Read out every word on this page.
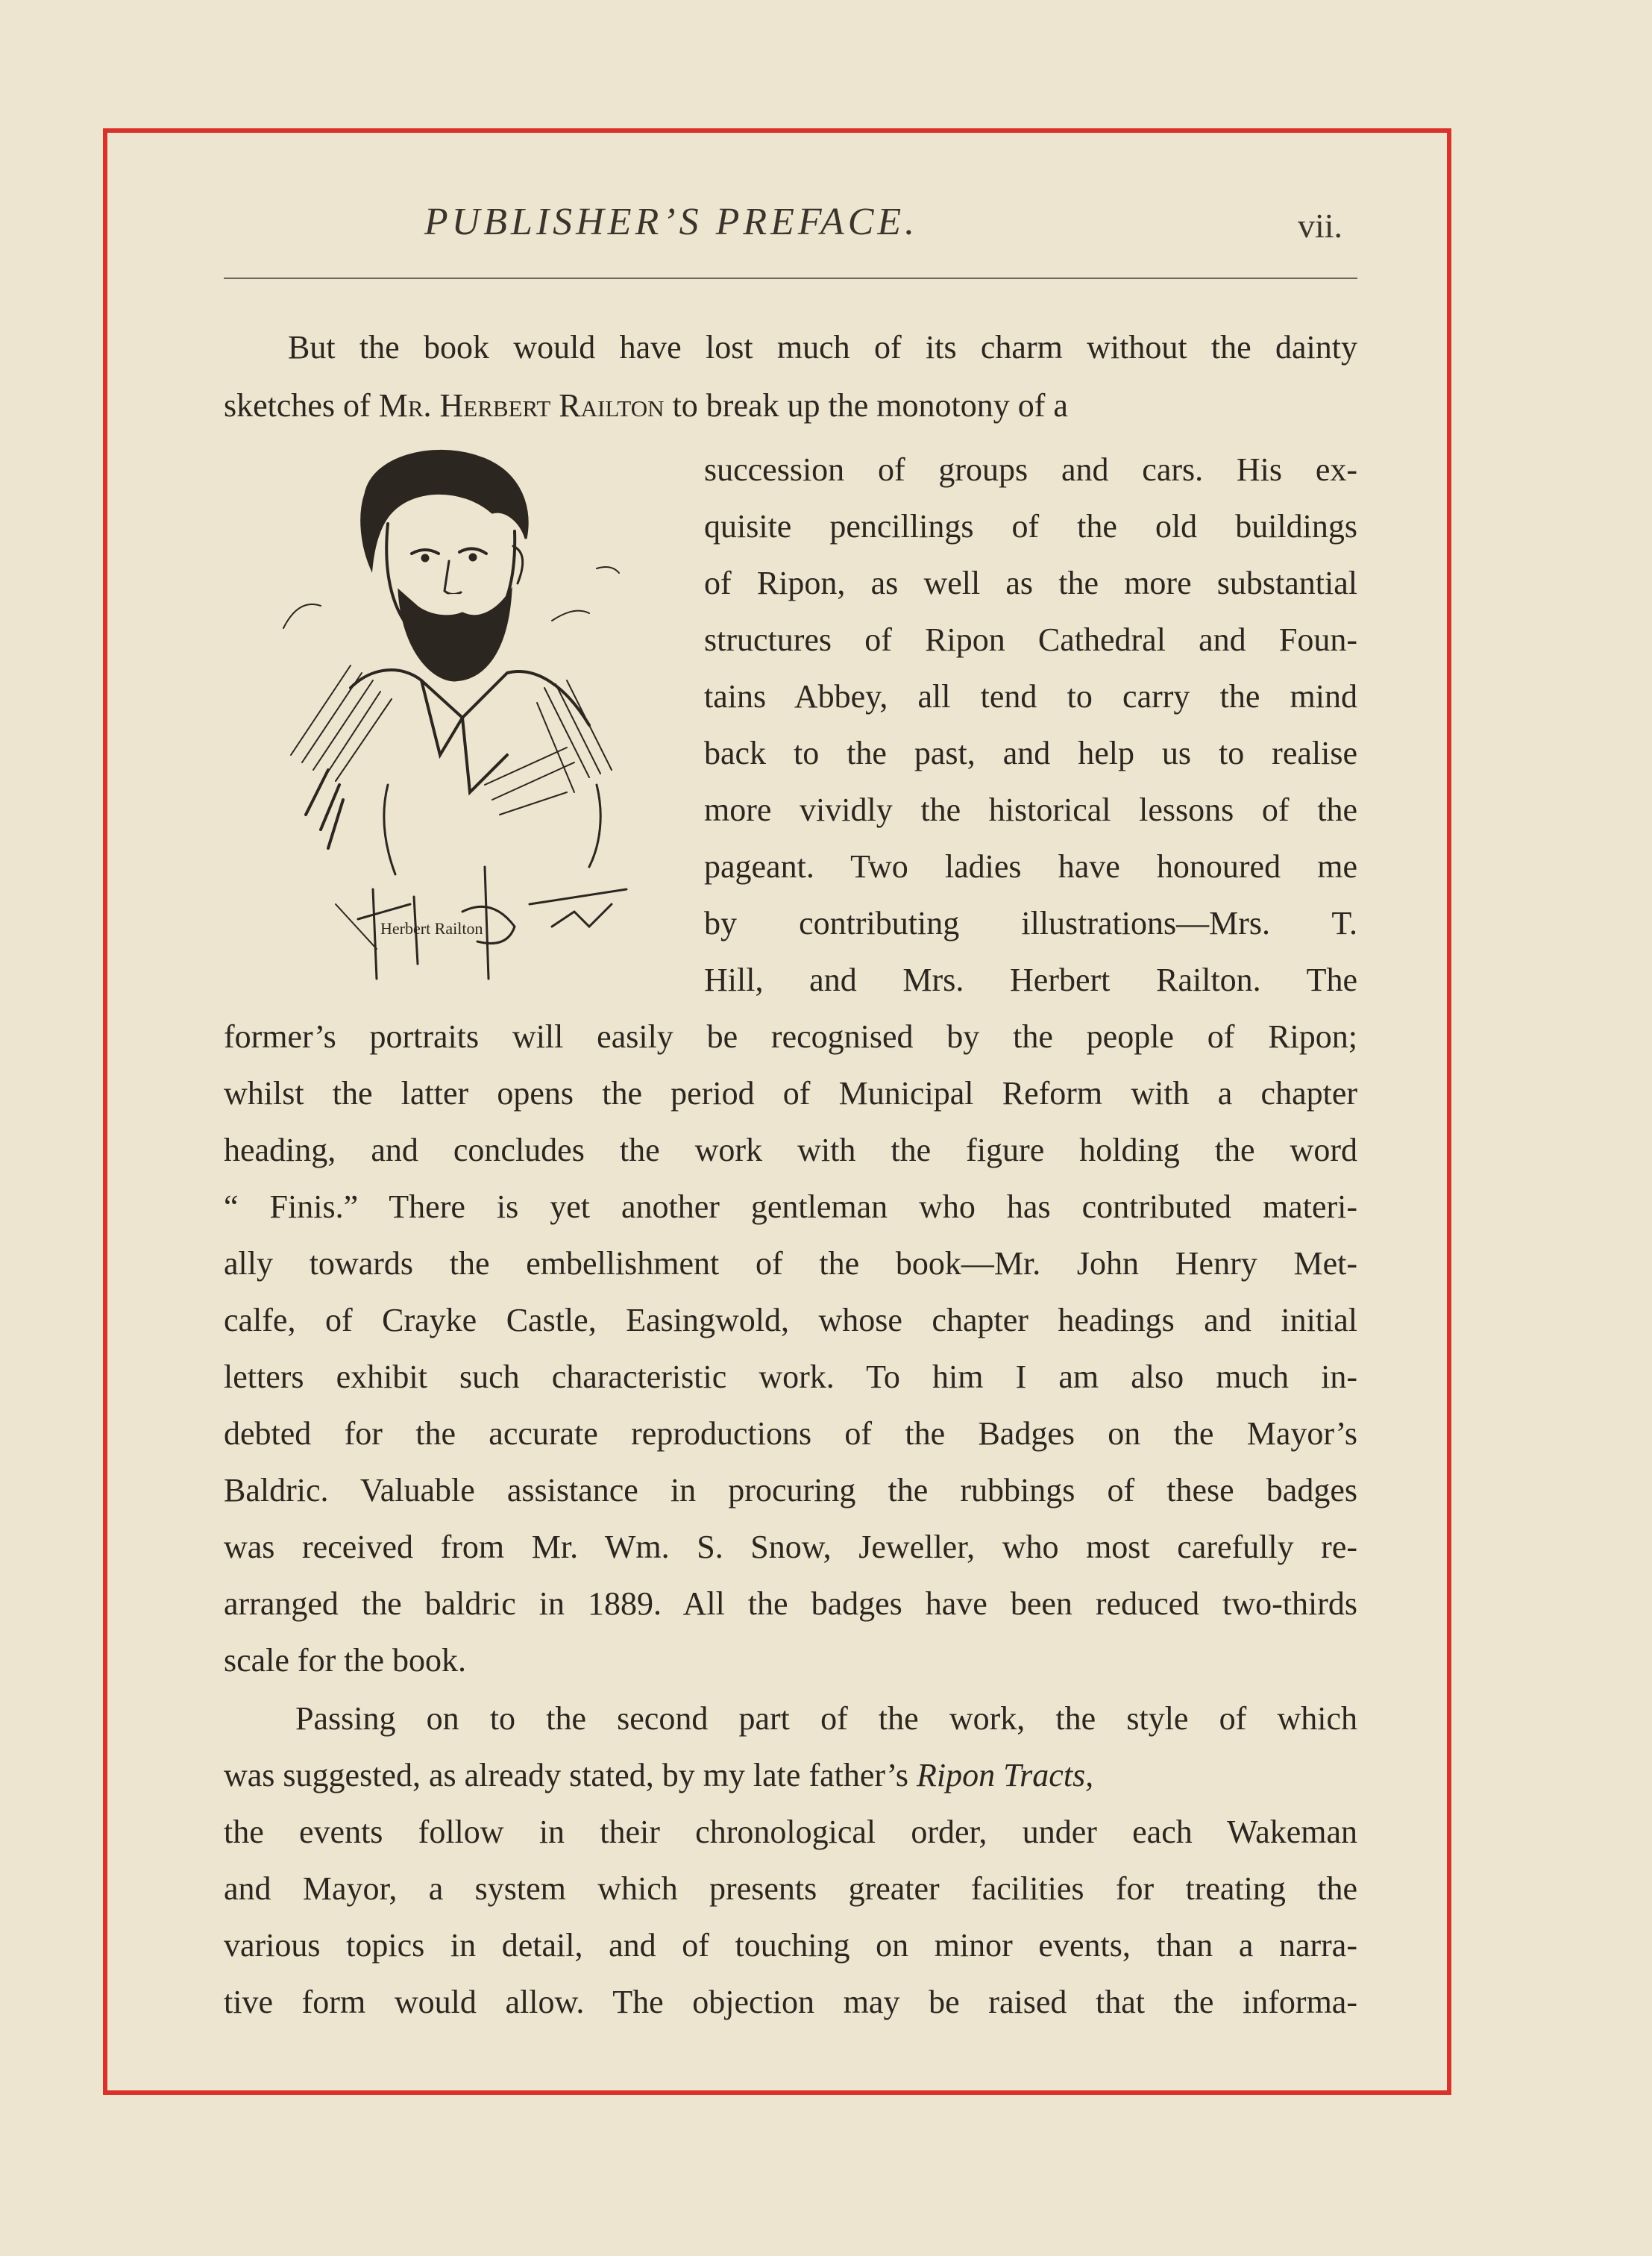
PUBLISHER’S PREFACE.	vii.
Herbert Railton
But the book would have lost much of its charm without the dainty
sketches of Mr. Herbert Railton to break up the monotony of a
succession of groups and cars. His ex-
quisite pencillings of the old buildings
of Ripon, as well as the more substantial
structures of Ripon Cathedral and Foun-
tains Abbey, all tend to carry the mind
back to the past, and help us to realise
more vividly the historical lessons of the
pageant. Two ladies have honoured me
by contributing illustrations—Mrs. T.
Hill, and Mrs. Herbert Railton. The
former’s portraits will easily be recognised by the people of Ripon;
whilst the latter opens the period of Municipal Reform with a chapter
heading, and concludes the work with the figure holding the word
“ Finis.” There is yet another gentleman who has contributed materi-
ally towards the embellishment of the book—Mr. John Henry Met-
calfe, of Crayke Castle, Easingwold, whose chapter headings and initial
letters exhibit such characteristic work. To him I am also much in-
debted for the accurate reproductions of the Badges on the Mayor’s
Baldric. Valuable assistance in procuring the rubbings of these badges
was received from Mr. Wm. S. Snow, Jeweller, who most carefully re-
arranged the baldric in 1889. All the badges have been reduced two-thirds
scale for the book.
Passing on to the second part of the work, the style of which
was suggested, as already stated, by my late father’s Ripon Tracts,
the events follow in their chronological order, under each Wakeman
and Mayor, a system which presents greater facilities for treating the
various topics in detail, and of touching on minor events, than a narra-
tive form would allow. The objection may be raised that the informa-
